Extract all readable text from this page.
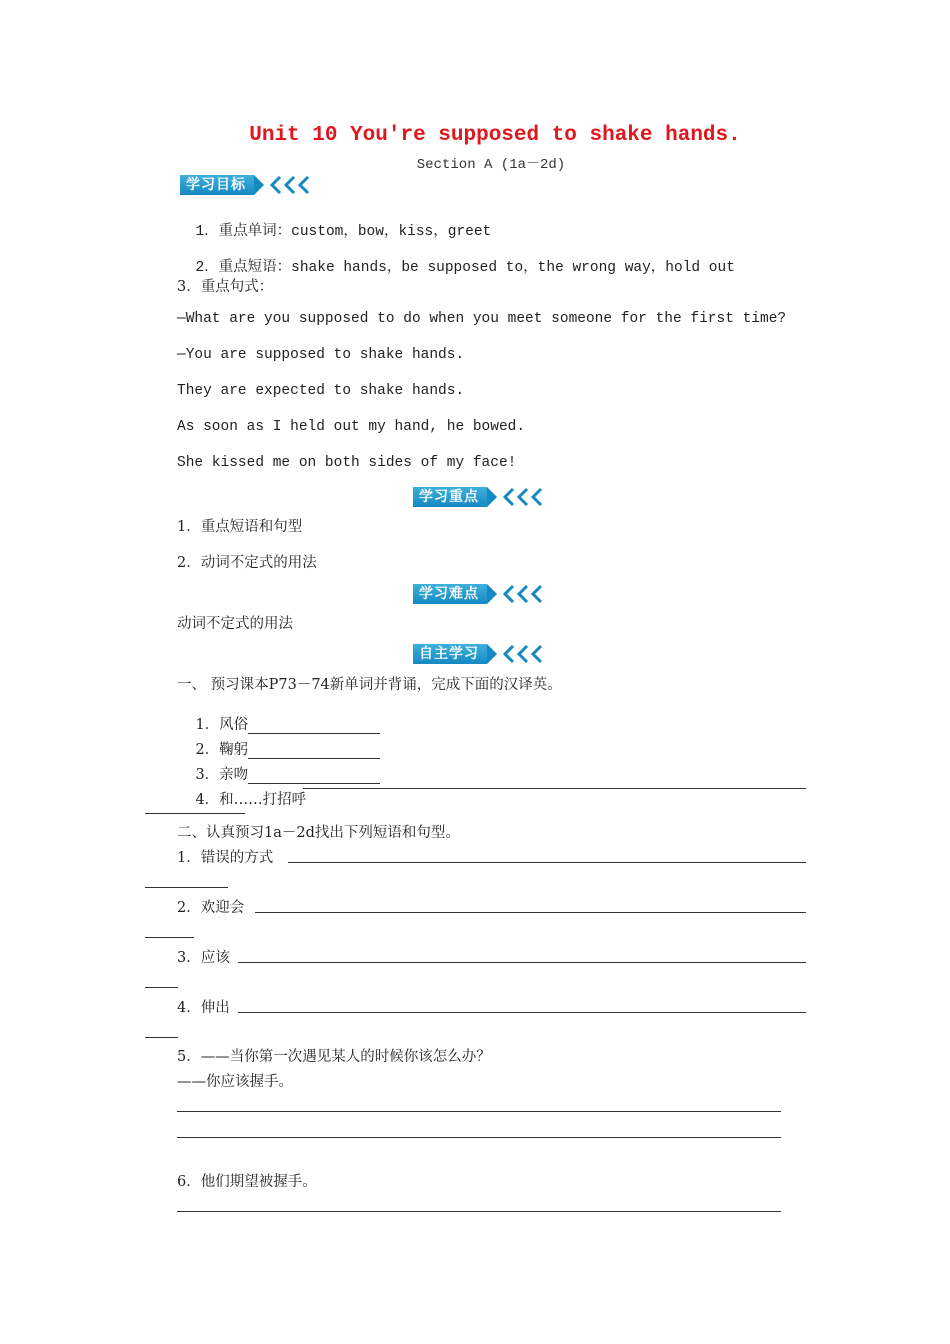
Unit 10 You're supposed to shake hands.
Section A (1a－2d)
学习目标

1．重点单词：custom，bow，kiss，greet

2．重点短语：shake hands，be supposed to，the wrong way，hold out

3．重点句式：
—What are you supposed to do when you meet someone for the first time?
—You are supposed to shake hands.
They are expected to shake hands.
As soon as I held out my hand, he bowed.
She kissed me on both sides of my face!
学习重点
1．重点短语和句型
2．动词不定式的用法
学习难点
动词不定式的用法
自主学习
一、 预习课本P73－74新单词并背诵，完成下面的汉译英。

1．风俗

2．鞠躬

3．亲吻

4．和……打招呼

二、认真预习1a－2d找出下列短语和句型。
1．错误的方式
2．欢迎会
3．应该
4．伸出
5．——当你第一次遇见某人的时候你该怎么办？
——你应该握手。
6．他们期望被握手。
